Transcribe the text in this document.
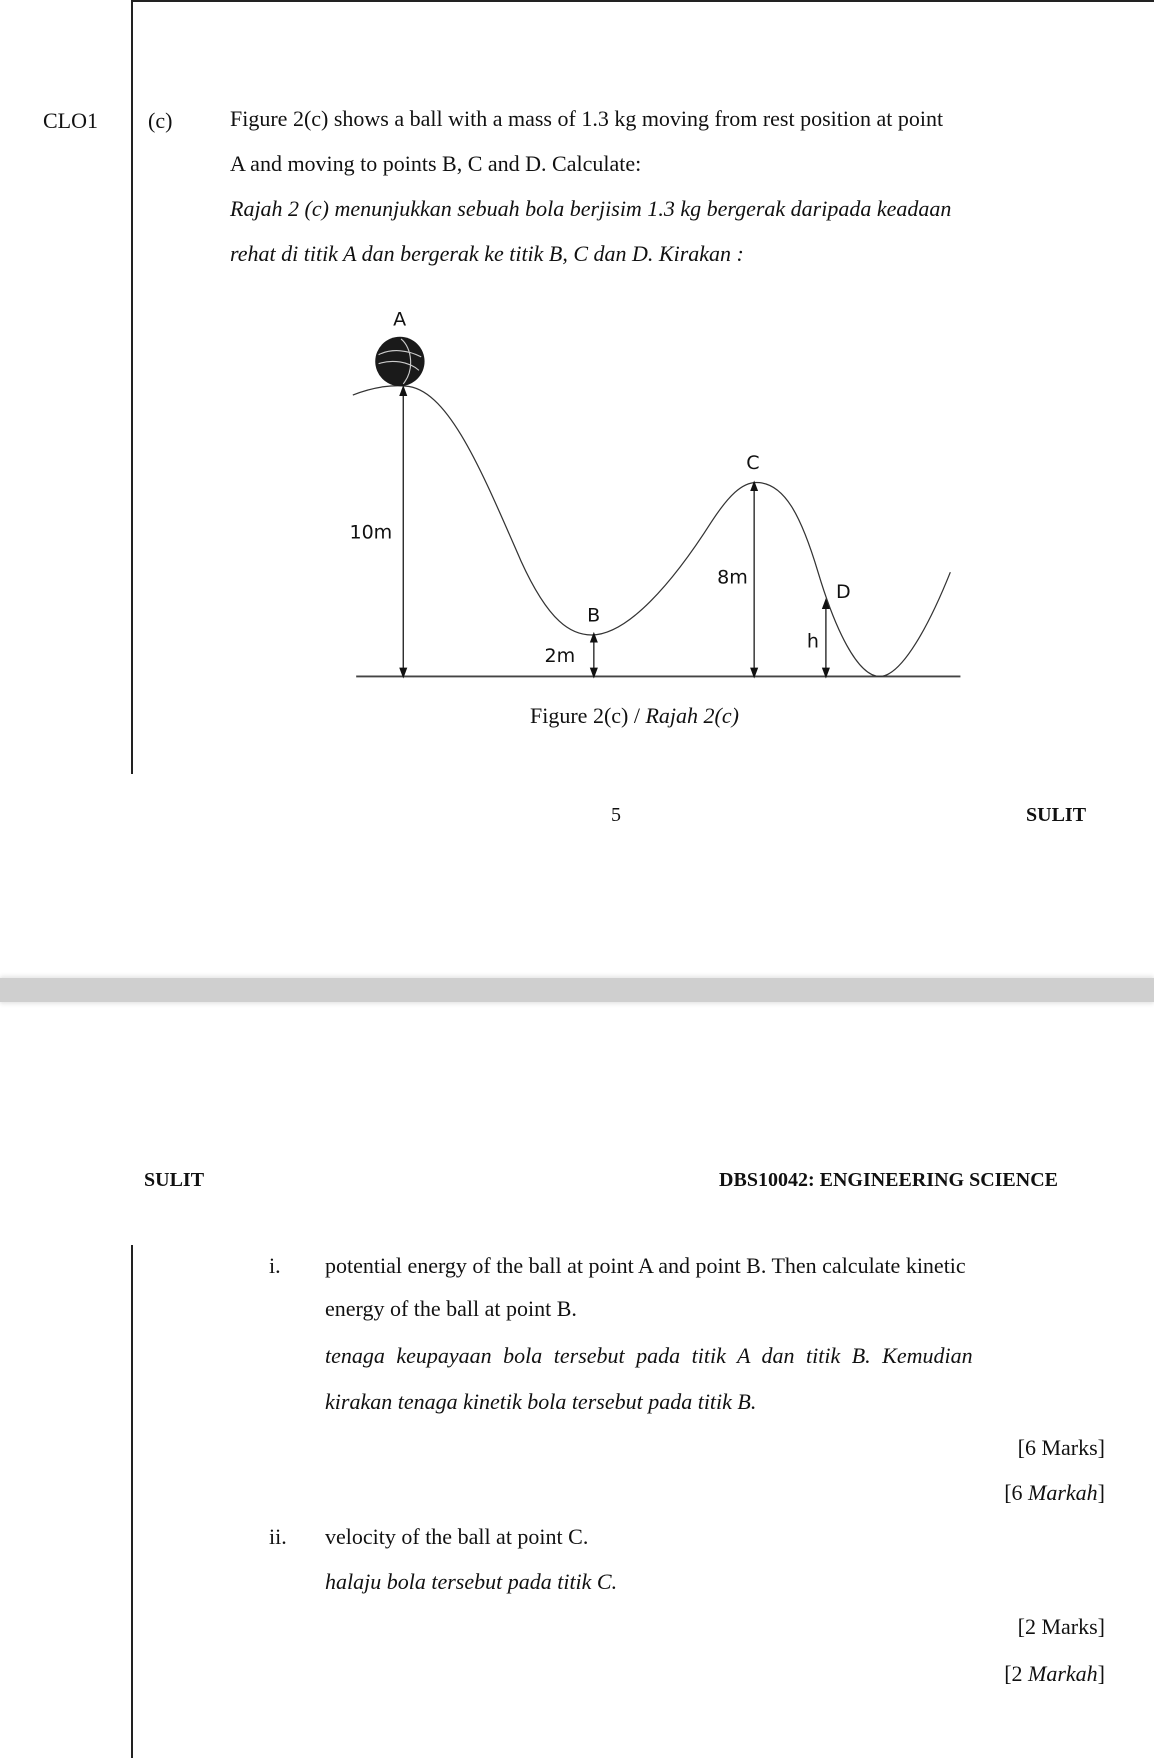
CLO1 (c)	Figure 2(c) shows a ball with a mass of 1.3 kg moving from rest position at point
A and moving to points B, C and D. Calculate:
Rajah 2 (c) menunjukkan sebuah bola berjisim 1.3 kg bergerak daripada keadaan
rehat di titik A dan bergerak ke titik B, C dan D. Kirakan :
A
10m
B
2m
C
8m
D
h
Figure 2(c) / Rajah 2(c)
5	SULIT
SULIT	DBS10042: ENGINEERING SCIENCE
i. potential energy of the ball at point A and point B. Then calculate kinetic
energy of the ball at point B.
tenaga keupayaan bola tersebut pada titik A dan titik B. Kemudian
kirakan tenaga kinetik bola tersebut pada titik B.
[6 Marks]
[6 Markah]
ii. velocity of the ball at point C.
halaju bola tersebut pada titik C.
[2 Marks]
[2 Markah]
